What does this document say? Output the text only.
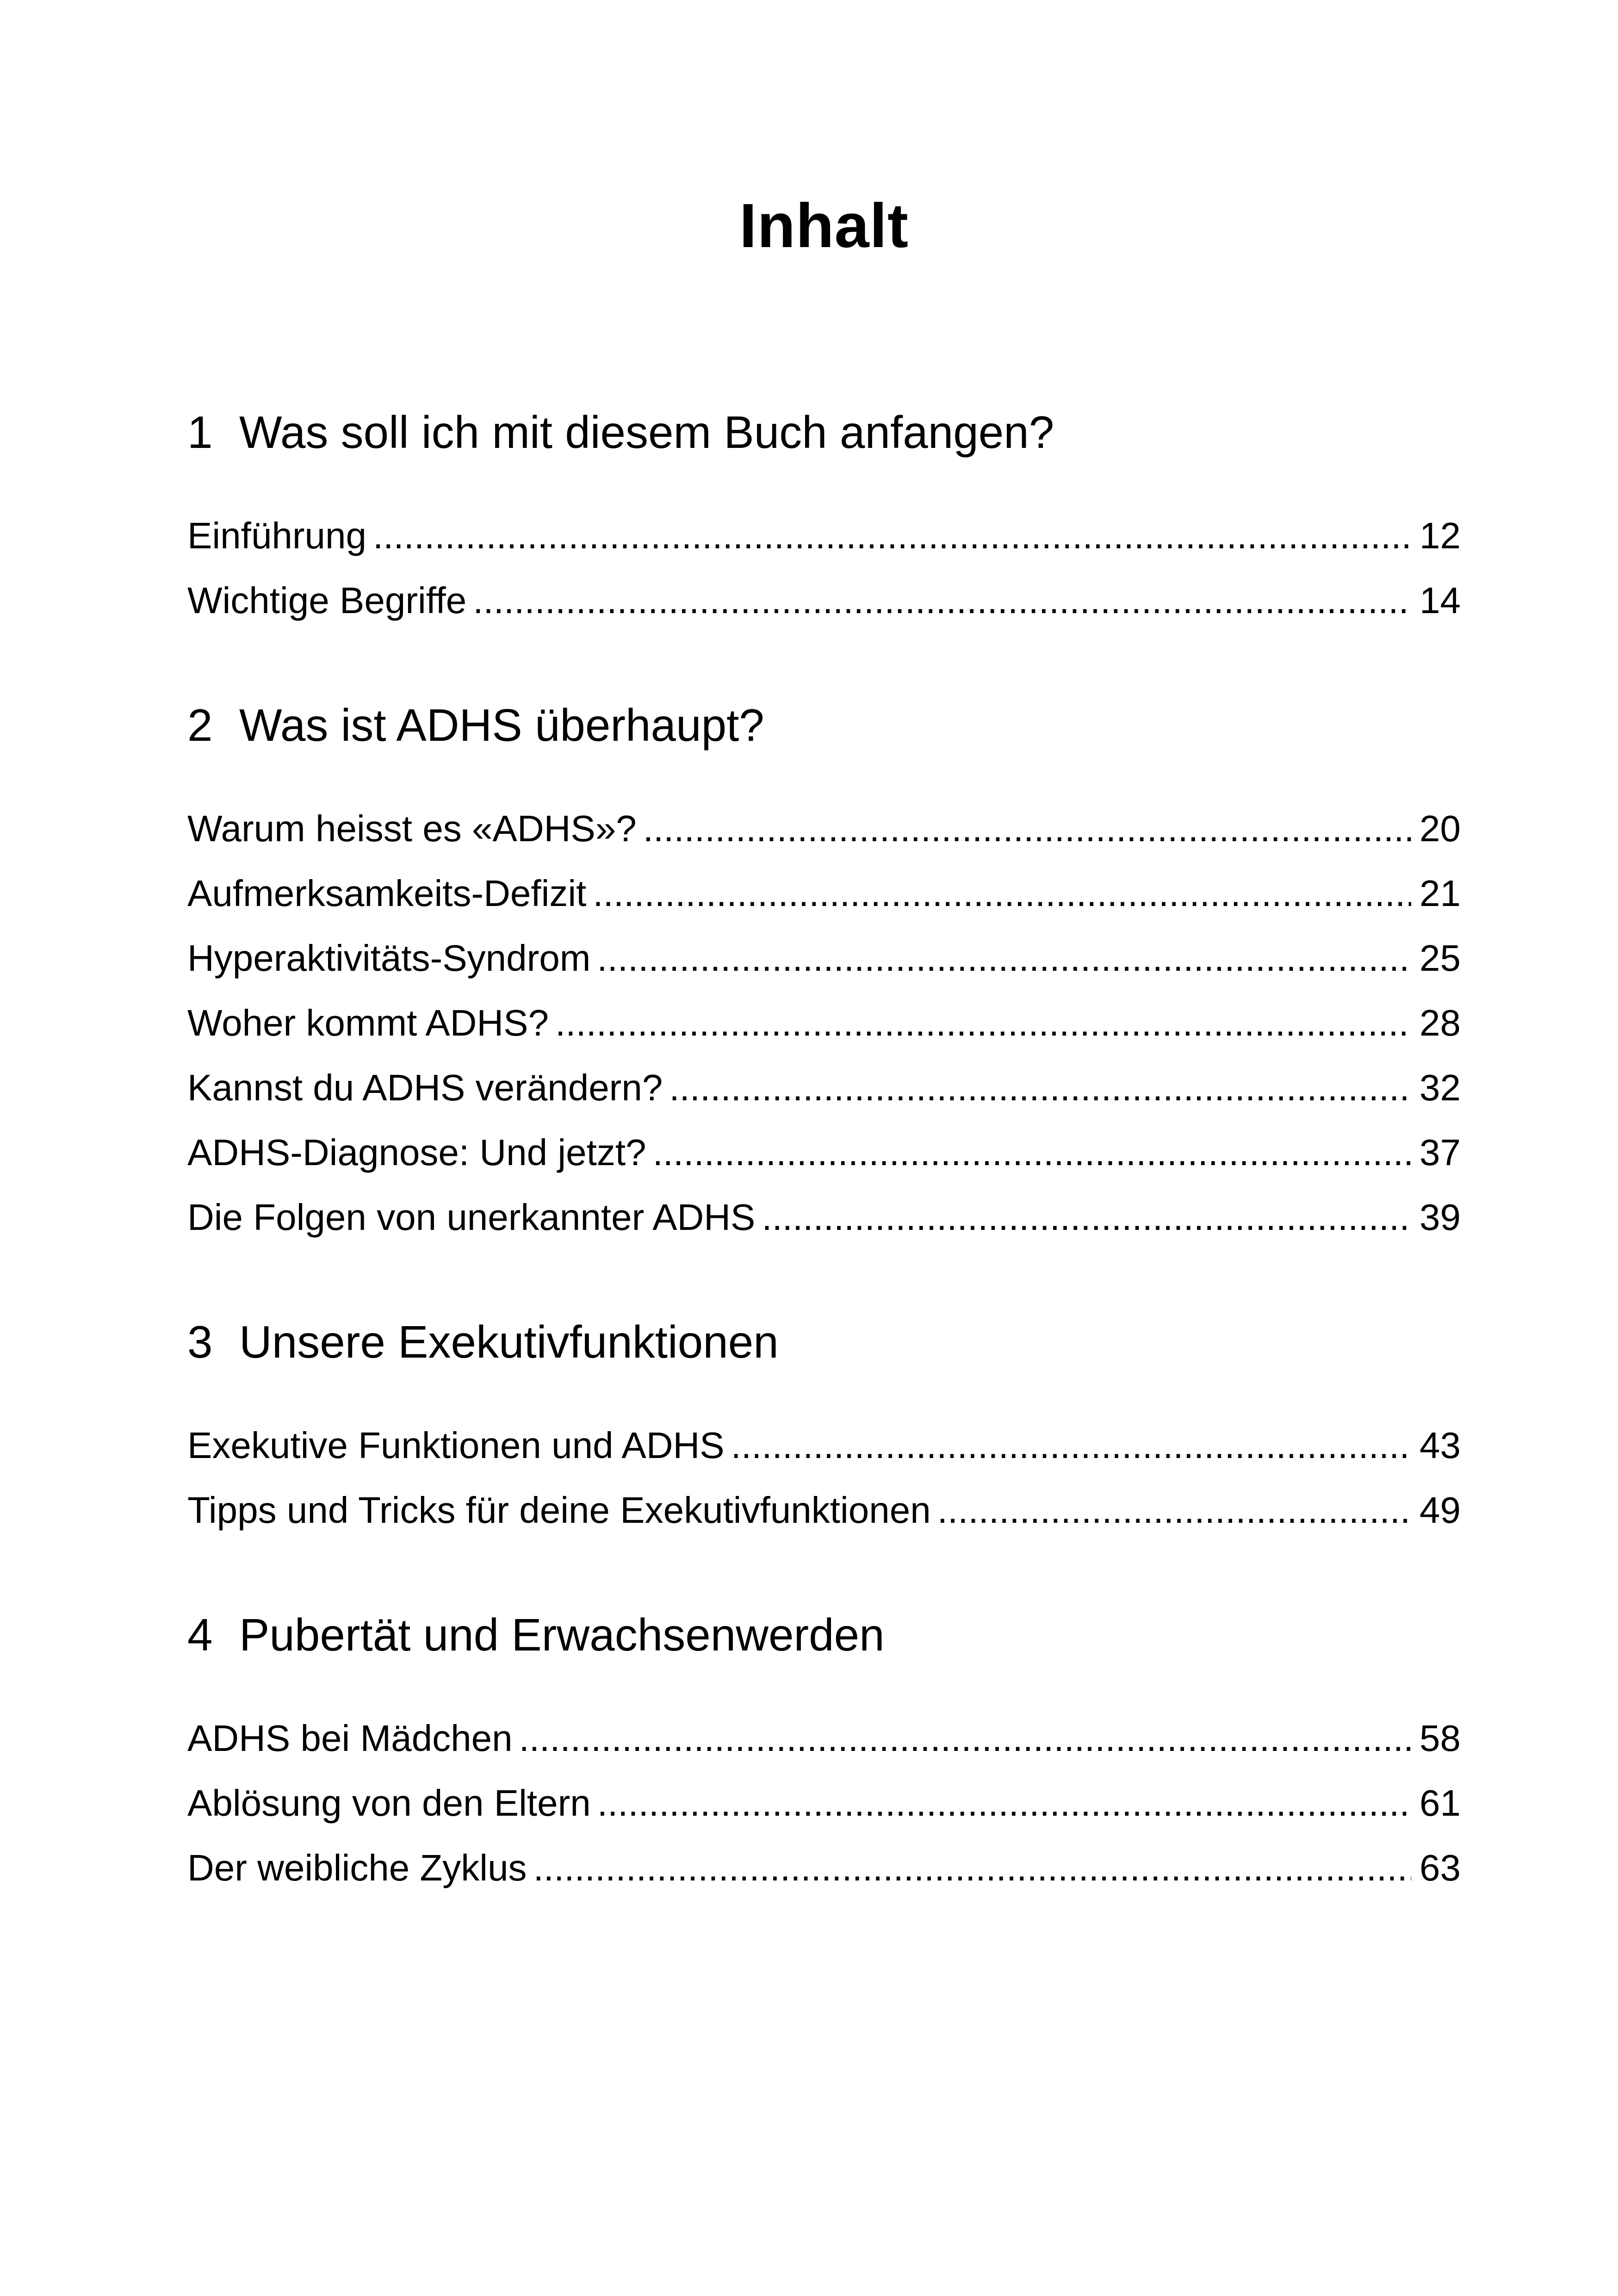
Inhalt
1 Was soll ich mit diesem Buch anfangen?
Einführung .....	12
Wichtige Begriffe .....	14
2 Was ist ADHS überhaupt?
Warum heisst es «ADHS»? .....	20
Aufmerksamkeits-Defizit .....	21
Hyperaktivitäts-Syndrom .....	25
Woher kommt ADHS? .....	28
Kannst du ADHS verändern? .....	32
ADHS-Diagnose: Und jetzt? .....	37
Die Folgen von unerkannter ADHS .....	39
3 Unsere Exekutivfunktionen
Exekutive Funktionen und ADHS .....	43
Tipps und Tricks für deine Exekutivfunktionen .....	49
4 Pubertät und Erwachsenwerden
ADHS bei Mädchen .....	58
Ablösung von den Eltern .....	61
Der weibliche Zyklus .....	63
